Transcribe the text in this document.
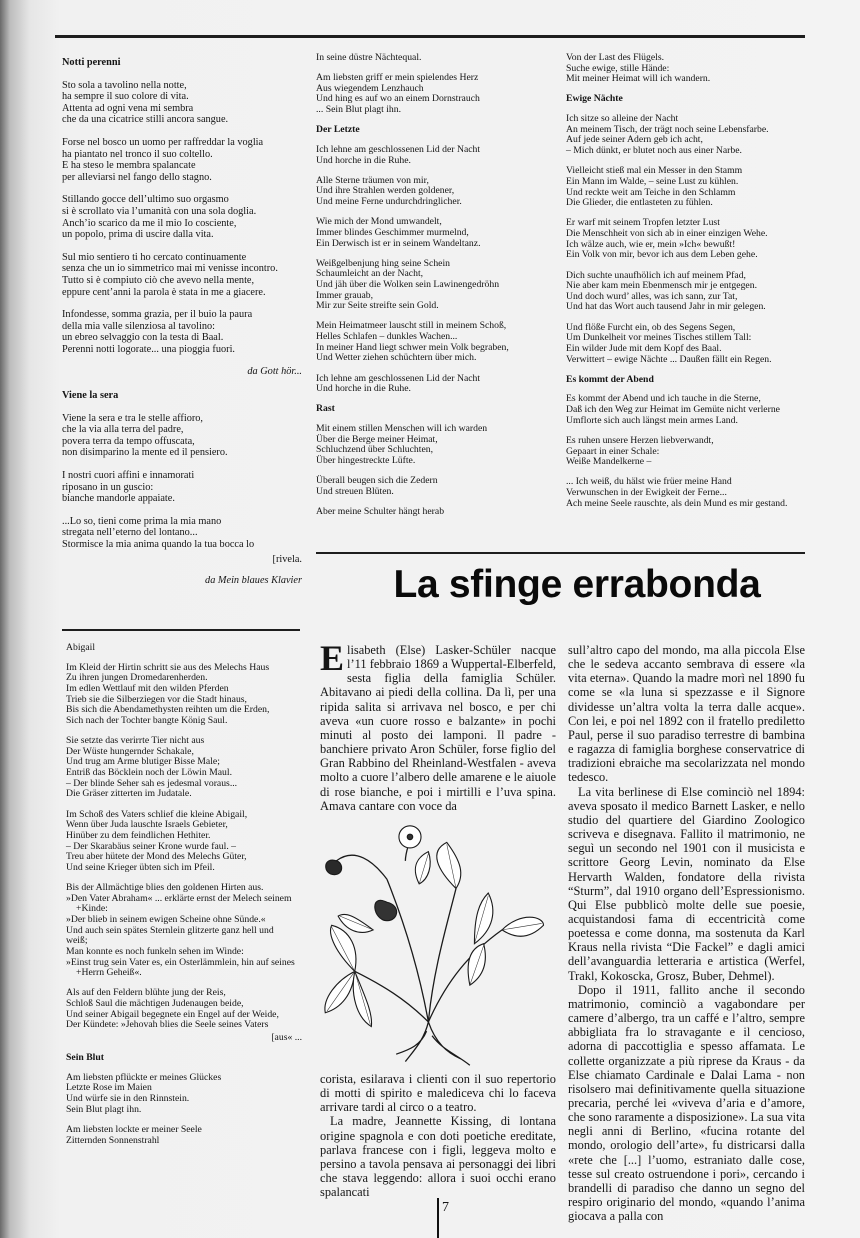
Notti perenni
Sto sola a tavolino nella notte,
ha sempre il suo colore di vita.
Attenta ad ogni vena mi sembra
che da una cicatrice stilli ancora sangue.
Forse nel bosco un uomo per raffreddar la voglia
ha piantato nel tronco il suo coltello.
E ha steso le membra spalancate
per alleviarsi nel fango dello stagno.
Stillando gocce dell’ultimo suo orgasmo
si è scrollato via l’umanità con una sola doglia.
Anch’io scarico da me il mio Io cosciente,
un popolo, prima di uscire dalla vita.
Sul mio sentiero ti ho cercato continuamente
senza che un io simmetrico mai mi venisse incontro.
Tutto si è compiuto ciò che avevo nella mente,
eppure cent’anni la parola è stata in me a giacere.
Infondesse, somma grazia, per il buio la paura
della mia valle silenziosa al tavolino:
un ebreo selvaggio con la testa di Baal.
Perenni notti logorate... una pioggia fuori.
da Gott hör...
Viene la sera
Viene la sera e tra le stelle affioro,
che la via alla terra del padre,
povera terra da tempo offuscata,
non disimparino la mente ed il pensiero.
I nostri cuori affini e innamorati
riposano in un guscio:
bianche mandorle appaiate.
...Lo so, tieni come prima la mia mano
stregata nell’eterno del lontano...
Stormisce la mia anima quando la tua bocca lo
[rivela.
da Mein blaues Klavier
In seine düstre Nächtequal.
Am liebsten griff er mein spielendes Herz
Aus wiegendem Lenzhauch
Und hing es auf wo an einem Dornstrauch
... Sein Blut plagt ihn.
Der Letzte
Ich lehne am geschlossenen Lid der Nacht
Und horche in die Ruhe.
Alle Sterne träumen von mir,
Und ihre Strahlen werden goldener,
Und meine Ferne undurchdringlicher.
Wie mich der Mond umwandelt,
Immer blindes Geschimmer murmelnd,
Ein Derwisch ist er in seinem Wandeltanz.
Weißgelbenjung hing seine Schein
Schaumleicht an der Nacht,
Und jäh über die Wolken sein Lawinengedröhn
Immer grauab,
Mir zur Seite streifte sein Gold.
Mein Heimatmeer lauscht still in meinem Schoß,
Helles Schlafen – dunkles Wachen...
In meiner Hand liegt schwer mein Volk begraben,
Und Wetter ziehen schüchtern über mich.
Ich lehne am geschlossenen Lid der Nacht
Und horche in die Ruhe.
Rast
Mit einem stillen Menschen will ich warden
Über die Berge meiner Heimat,
Schluchzend über Schluchten,
Über hingestreckte Lüfte.
Überall beugen sich die Zedern
Und streuen Blüten.
Aber meine Schulter hängt herab
Von der Last des Flügels.
Suche ewige, stille Hände:
Mit meiner Heimat will ich wandern.
Ewige Nächte
Ich sitze so alleine der Nacht
An meinem Tisch, der trägt noch seine Lebensfarbe.
Auf jede seiner Adern geb ich acht,
– Mich dünkt, er blutet noch aus einer Narbe.
Vielleicht stieß mal ein Messer in den Stamm
Ein Mann im Walde, – seine Lust zu kühlen.
Und reckte weit am Teiche in den Schlamm
Die Glieder, die entlasteten zu fühlen.
Er warf mit seinem Tropfen letzter Lust
Die Menschheit von sich ab in einer einzigen Wehe.
Ich wälze auch, wie er, mein »Ich« bewußt!
Ein Volk von mir, bevor ich aus dem Leben gehe.
Dich suchte unaufhölich ich auf meinem Pfad,
Nie aber kam mein Ebenmensch mir je entgegen.
Und doch wurd’ alles, was ich sann, zur Tat,
Und hat das Wort auch tausend Jahr in mir gelegen.
Und flöße Furcht ein, ob des Segens Segen,
Um Dunkelheit vor meines Tisches stillem Tall:
Ein wilder Jude mit dem Kopf des Baal.
Verwittert – ewige Nächte ... Daußen fällt ein Regen.
Es kommt der Abend
Es kommt der Abend und ich tauche in die Sterne,
Daß ich den Weg zur Heimat im Gemüte nicht verlerne
Umflorte sich auch längst mein armes Land.
Es ruhen unsere Herzen liebverwandt,
Gepaart in einer Schale:
Weiße Mandelkerne –
... Ich weiß, du hälst wie früer meine Hand
Verwunschen in der Ewigkeit der Ferne...
Ach meine Seele rauschte, als dein Mund es mir gestand.
Abigail
Im Kleid der Hirtin schritt sie aus des Melechs Haus
Zu ihren jungen Dromedarenherden.
Im edlen Wettlauf mit den wilden Pferden
Trieb sie die Silberziegen vor die Stadt hinaus,
Bis sich die Abendamethysten reihten um die Erden,
Sich nach der Tochter bangte König Saul.
Sie setzte das verirrte Tier nicht aus
Der Wüste hungernder Schakale,
Und trug am Arme blutiger Bisse Male;
Entriß das Böcklein noch der Löwin Maul.
– Der blinde Seher sah es jedesmal voraus...
Die Gräser zitterten im Judatale.
Im Schoß des Vaters schlief die kleine Abigail,
Wenn über Juda lauschte Israels Gebieter,
Hinüber zu dem feindlichen Hethiter.
– Der Skarabäus seiner Krone wurde faul. –
Treu aber hütete der Mond des Melechs Güter,
Und seine Krieger übten sich im Pfeil.
Bis der Allmächtige blies den goldenen Hirten aus.
»Den Vater Abraham« ... erklärte ernst der Melech seinem
+Kinde:
»Der blieb in seinem ewigen Scheine ohne Sünde.«
Und auch sein spätes Sternlein glitzerte ganz hell und
weiß;
Man konnte es noch funkeln sehen im Winde:
»Einst trug sein Vater es, ein Osterlämmlein, hin auf seines
+Herrn Geheiß«.
Als auf den Feldern blühte jung der Reis,
Schloß Saul die mächtigen Judenaugen beide,
Und seiner Abigail begegnete ein Engel auf der Weide,
Der Kündete: »Jehovah blies die Seele seines Vaters
[aus« ...
Sein Blut
Am liebsten pflückte er meines Glückes
Letzte Rose im Maien
Und würfe sie in den Rinnstein.
Sein Blut plagt ihn.
Am liebsten lockte er meiner Seele
Zitternden Sonnenstrahl
La sfinge errabonda

Elisabeth (Else) Lasker-Schüler nacque l’11 febbraio 1869 a Wuppertal-Elberfeld, sesta figlia della famiglia Schüler. Abitavano ai piedi della collina. Da lì, per una ripida salita si arrivava nel bosco, e per chi aveva «un cuore rosso e balzante» in pochi minuti al posto dei lamponi. Il padre - banchiere privato Aron Schüler, forse figlio del Gran Rabbino del Rheinland-Westfalen - aveva molto a cuore l’albero delle amarene e le aiuole di rose bianche, e poi i mirtilli e l’uva spina. Amava cantare con voce da

corista, esilarava i clienti con il suo repertorio di motti di spirito e malediceva chi lo faceva arrivare tardi al circo o a teatro.

La madre, Jeannette Kissing, di lontana origine spagnola e con doti poetiche ereditate, parlava francese con i figli, leggeva molto e persino a tavola pensava ai personaggi dei libri che stava leggendo: allora i suoi occhi erano spalancati

sull’altro capo del mondo, ma alla piccola Else che le sedeva accanto sembrava di essere «la vita eterna». Quando la madre morì nel 1890 fu come se «la luna si spezzasse e il Signore dividesse un’altra volta la terra dalle acque». Con lei, e poi nel 1892 con il fratello prediletto Paul, perse il suo paradiso terrestre di bambina e ragazza di famiglia borghese conservatrice di tradizioni ebraiche ma secolarizzata nel mondo tedesco.

La vita berlinese di Else cominciò nel 1894: aveva sposato il medico Barnett Lasker, e nello studio del quartiere del Giardino Zoologico scriveva e disegnava. Fallito il matrimonio, ne seguì un secondo nel 1901 con il musicista e scrittore Georg Levin, nominato da Else Hervarth Walden, fondatore della rivista “Sturm”, dal 1910 organo dell’Espressionismo. Qui Else pubblicò molte delle sue poesie, acquistandosi fama di eccentricità come poetessa e come donna, ma sostenuta da Karl Kraus nella rivista “Die Fackel” e dagli amici dell’avanguardia letteraria e artistica (Werfel, Trakl, Kokoscka, Grosz, Buber, Dehmel).

Dopo il 1911, fallito anche il secondo matrimonio, cominciò a vagabondare per camere d’albergo, tra un caffé e l’altro, sempre abbigliata fra lo stravagante e il cencioso, adorna di paccottiglia e spesso affamata. Le collette organizzate a più riprese da Kraus - da Else chiamato Cardinale e Dalai Lama - non risolsero mai definitivamente quella situazione precaria, perché lei «viveva d’aria e d’amore, che sono raramente a disposizione». La sua vita negli anni di Berlino, «fucina rotante del mondo, orologio dell’arte», fu districarsi dalla «rete che [...] l’uomo, estraniato dalle cose, tesse sul creato ostruendone i pori», cercando i brandelli di paradiso che danno un segno del respiro originario del mondo, «quando l’anima giocava a palla con

7
